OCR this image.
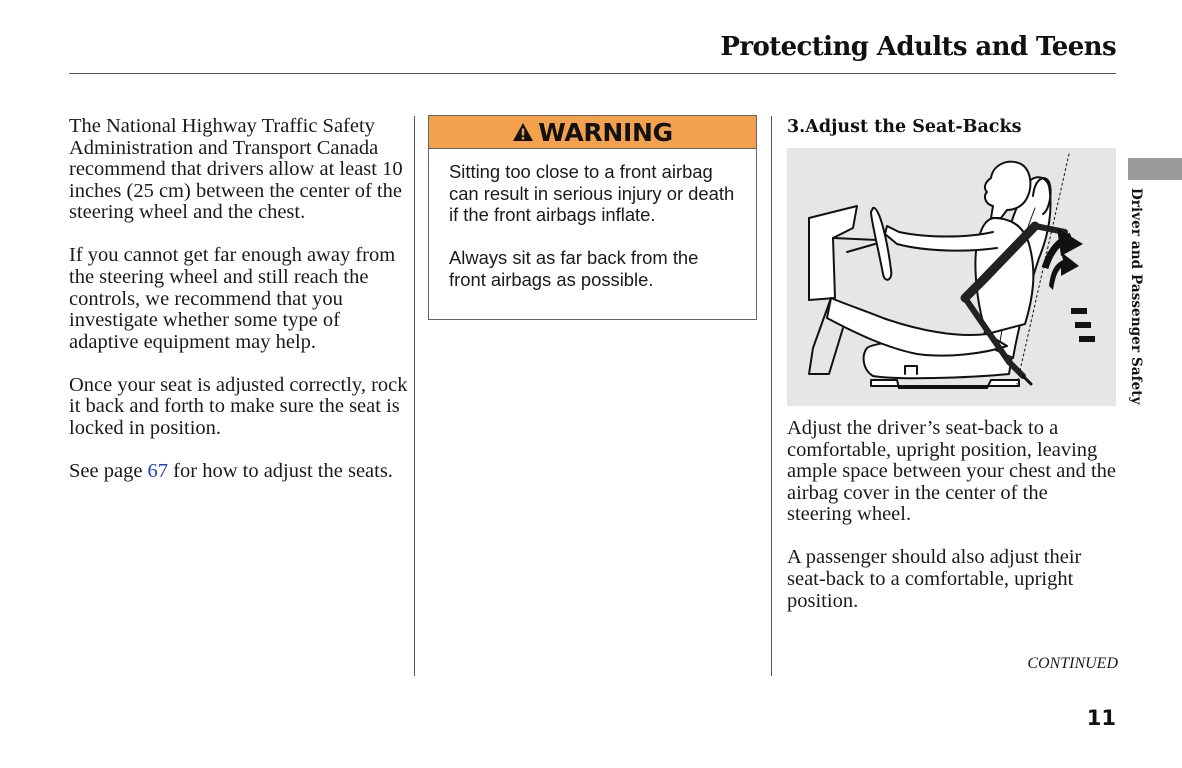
Protecting Adults and Teens

The National Highway Traffic Safety Administration and Transport Canada recommend that drivers allow at least 10 inches (25 cm) between the center of the steering wheel and the chest.

If you cannot get far enough away from the steering wheel and still reach the controls, we recommend that you investigate whether some type of adaptive equipment may help.

Once your seat is adjusted correctly, rock it back and forth to make sure the seat is locked in position.

See page 67 for how to adjust the seats.

WARNING

Sitting too close to a front airbag can result in serious injury or death if the front airbags inflate.

Always sit as far back from the front airbags as possible.

3.Adjust the Seat-Backs

Adjust the driver’s seat-back to a comfortable, upright position, leaving ample space between your chest and the airbag cover in the center of the steering wheel.

A passenger should also adjust their seat-back to a comfortable, upright position.

Driver and Passenger Safety
CONTINUED
11
